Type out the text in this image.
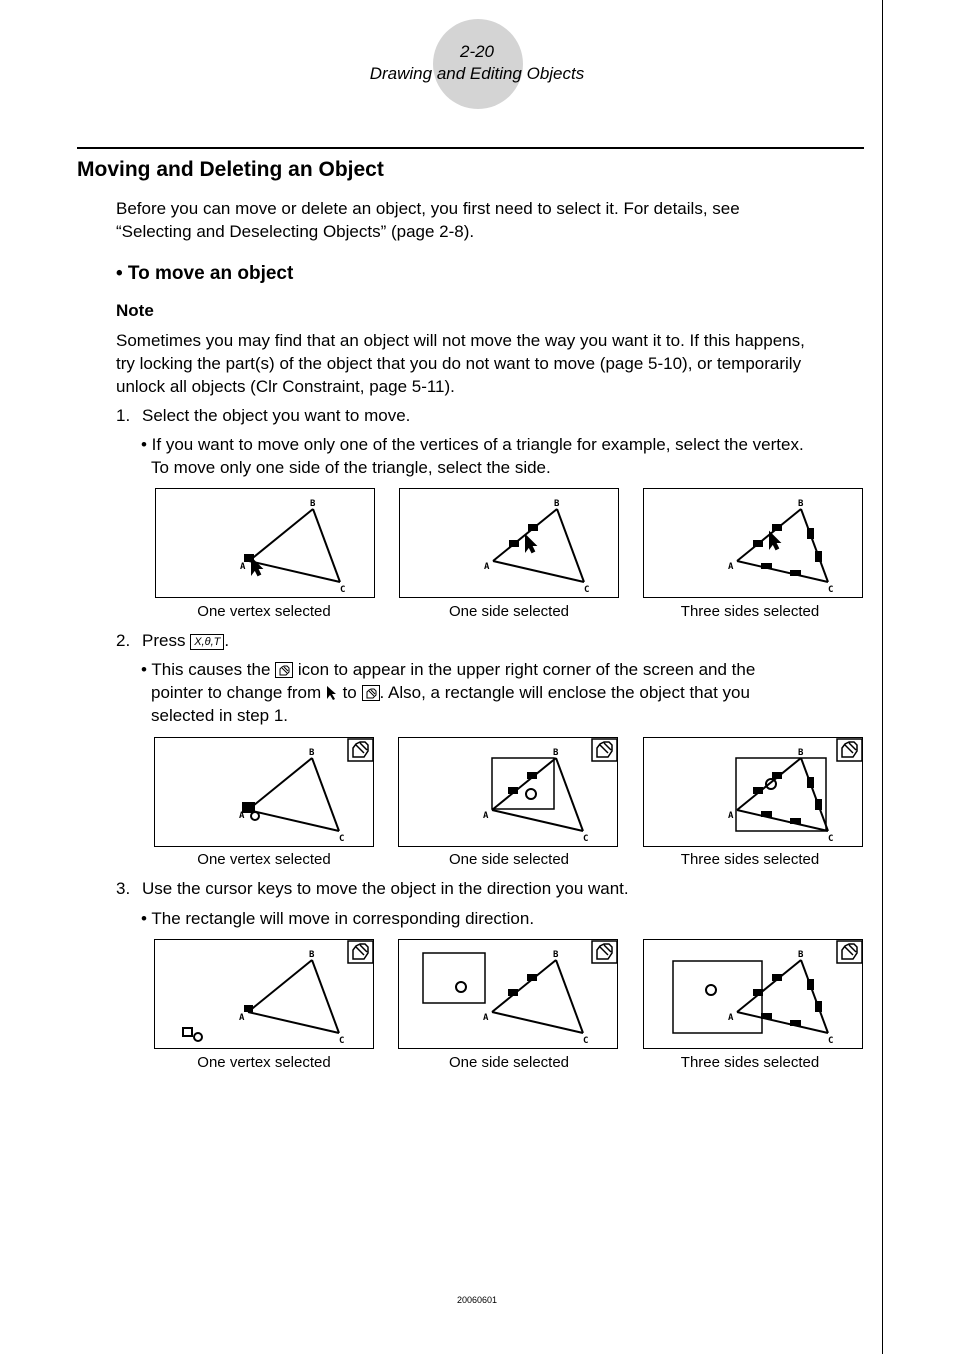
2-20
Drawing and Editing Objects
Moving and Deleting an Object
Before you can move or delete an object, you first need to select it. For details, see
“Selecting and Deselecting Objects” (page 2-8).
• To move an object
Note
Sometimes you may find that an object will not move the way you want it to. If this happens,
try locking the part(s) of the object that you do not want to move (page 5-10), or temporarily
unlock all objects (Clr Constraint, page 5-11).
1. Select the object you want to move.
• If you want to move only one of the vertices of a triangle for example, select the vertex.
To move only one side of the triangle, select the side.
B
A
C
B
A
C
B
A
C
One vertex selected	One side selected	Three sides selected
2. Press X,θ,T .
• This causes the icon to appear in the upper right corner of the screen and the
pointer to change from to . Also, a rectangle will enclose the object that you
selected in step 1.
B
A
C
B
A
C
B
A
C
One vertex selected	One side selected	Three sides selected
3. Use the cursor keys to move the object in the direction you want.
• The rectangle will move in corresponding direction.
B
A
C
B
A
C
B
A
C
One vertex selected	One side selected	Three sides selected
20060601
